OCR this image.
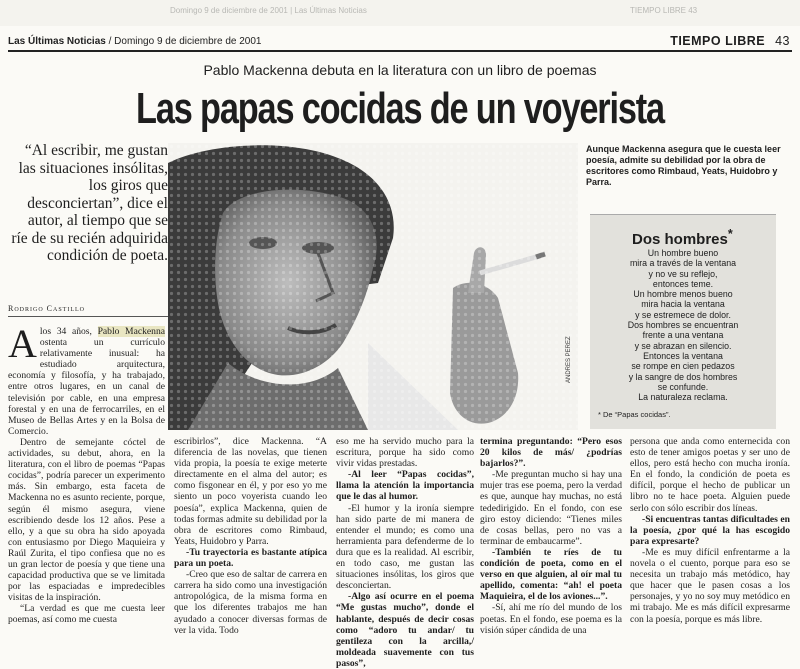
Domingo 9 de diciembre de 2001 | Las Últimas Noticias	TIEMPO LIBRE 43
Las Últimas Noticias / Domingo 9 de diciembre de 2001	TIEMPO LIBRE 43
Pablo Mackenna debuta en la literatura con un libro de poemas
Las papas cocidas de un voyerista
“Al escribir, me gustan las situaciones insólitas, los giros que desconciertan”, dice el autor, al tiempo que se ríe de su recién adquirida condición de poeta.
Rodrigo Castillo
ANDRES PEREZ
Aunque Mackenna asegura que le cuesta leer poesía, admite su debilidad por la obra de escritores como Rimbaud, Yeats, Huidobro y Parra.
Dos hombres*
Un hombre bueno
mira a través de la ventana
y no ve su reflejo,
entonces teme.
Un hombre menos bueno
mira hacia la ventana
y se estremece de dolor.
Dos hombres se encuentran
frente a una ventana
y se abrazan en silencio.
Entonces la ventana
se rompe en cien pedazos
y la sangre de dos hombres
se confunde.
La naturaleza reclama.
* De “Papas cocidas”.
A los 34 años, Pablo Mackenna ostenta un currículo relativamente inusual: ha estudiado arquitectura, economía y filosofía, y ha trabajado, entre otros lugares, en un canal de televisión por cable, en una empresa forestal y en una de ferrocarriles, en el Museo de Bellas Artes y en la Bolsa de Comercio.

Dentro de semejante cóctel de actividades, su debut, ahora, en la literatura, con el libro de poemas “Papas cocidas”, podría parecer un experimento más. Sin embargo, esta faceta de Mackenna no es asunto reciente, porque, según él mismo asegura, viene escribiendo desde los 12 años. Pese a ello, y a que su obra ha sido apoyada con entusiasmo por Diego Maquieira y Raúl Zurita, el tipo confiesa que no es un gran lector de poesía y que tiene una capacidad productiva que se ve limitada por las espaciadas e impredecibles visitas de la inspiración.

“La verdad es que me cuesta leer poemas, así como me cuesta

escribirlos”, dice Mackenna. “A diferencia de las novelas, que tienen vida propia, la poesía te exige meterte directamente en el alma del autor; es como fisgonear en él, y por eso yo me siento un poco voyerista cuando leo poesía”, explica Mackenna, quien de todas formas admite su debilidad por la obra de escritores como Rimbaud, Yeats, Huidobro y Parra.

-Tu trayectoria es bastante atípica para un poeta.

-Creo que eso de saltar de carrera en carrera ha sido como una investigación antropológica, de la misma forma en que los diferentes trabajos me han ayudado a conocer diversas formas de ver la vida. Todo

eso me ha servido mucho para la escritura, porque ha sido como vivir vidas prestadas.

-Al leer “Papas cocidas”, llama la atención la importancia que le das al humor.

-El humor y la ironía siempre han sido parte de mi manera de entender el mundo; es como una herramienta para defenderme de lo dura que es la realidad. Al escribir, en todo caso, me gustan las situaciones insólitas, los giros que desconciertan.

-Algo así ocurre en el poema “Me gustas mucho”, donde el hablante, después de decir cosas como “adoro tu andar/ tu gentileza con la arcilla,/ moldeada suavemente con tus pasos”,

termina preguntando: “Pero esos 20 kilos de más/ ¿podrías bajarlos?”.

-Me preguntan mucho si hay una mujer tras ese poema, pero la verdad es que, aunque hay muchas, no está tededirigido. En el fondo, con ese giro estoy diciendo: “Tienes miles de cosas bellas, pero no vas a terminar de embaucarme”.

-También te ríes de tu condición de poeta, como en el verso en que alguien, al oír mal tu apellido, comenta: “ah! el poeta Maquieira, el de los aviones...”.

-Sí, ahí me río del mundo de los poetas. En el fondo, ese poema es la visión súper cándida de una

persona que anda como enternecida con esto de tener amigos poetas y ser uno de ellos, pero está hecho con mucha ironía. En el fondo, la condición de poeta es difícil, porque el hecho de publicar un libro no te hace poeta. Alguien puede serlo con sólo escribir dos líneas.

-Si encuentras tantas dificultades en la poesía, ¿por qué la has escogido para expresarte?

-Me es muy difícil enfrentarme a la novela o el cuento, porque para eso se necesita un trabajo más metódico, hay que hacer que le pasen cosas a los personajes, y yo no soy muy metódico en mi trabajo. Me es más difícil expresarme con la poesía, porque es más libre.
